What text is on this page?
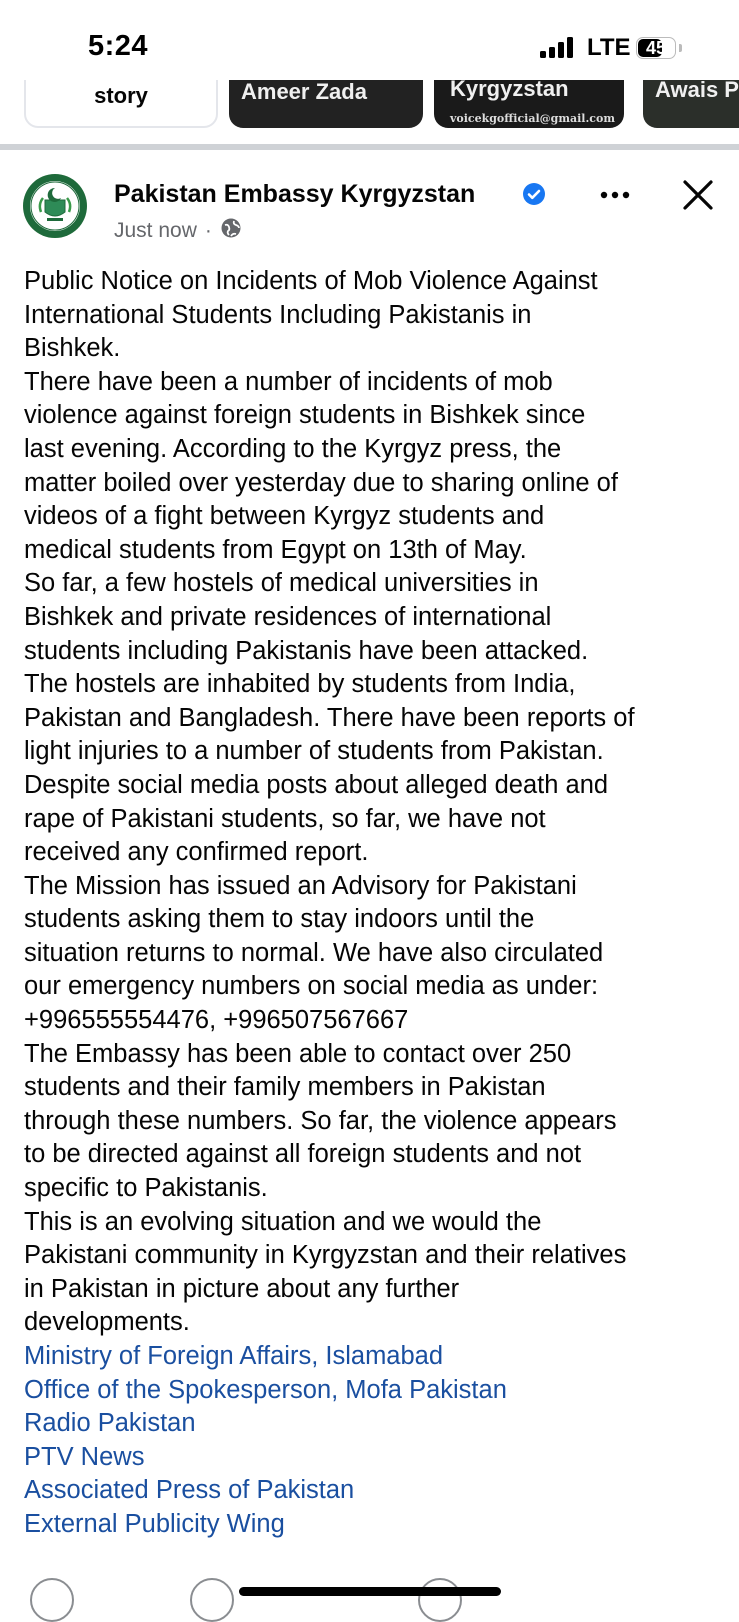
5:24	LTE 45
story	Ameer Zada	Kyrgyzstan
voicekgofficial@gmail.com
Awais P
Pakistan Embassy Kyrgyzstan
Just now ·

Public Notice on Incidents of Mob Violence Against

International Students Including Pakistanis in

Bishkek.

There have been a number of incidents of mob

violence against foreign students in Bishkek since

last evening. According to the Kyrgyz press, the

matter boiled over yesterday due to sharing online of

videos of a fight between Kyrgyz students and

medical students from Egypt on 13th of May.

So far, a few hostels of medical universities in

Bishkek and private residences of international

students including Pakistanis have been attacked.

The hostels are inhabited by students from India,

Pakistan and Bangladesh. There have been reports of

light injuries to a number of students from Pakistan.

Despite social media posts about alleged death and

rape of Pakistani students, so far, we have not

received any confirmed report.

The Mission has issued an Advisory for Pakistani

students asking them to stay indoors until the

situation returns to normal. We have also circulated

our emergency numbers on social media as under:

+996555554476, +996507567667

The Embassy has been able to contact over 250

students and their family members in Pakistan

through these numbers. So far, the violence appears

to be directed against all foreign students and not

specific to Pakistanis.

This is an evolving situation and we would the

Pakistani community in Kyrgyzstan and their relatives

in Pakistan in picture about any further

developments.

Ministry of Foreign Affairs, Islamabad
Office of the Spokesperson, Mofa Pakistan
Radio Pakistan
PTV News
Associated Press of Pakistan
External Publicity Wing
